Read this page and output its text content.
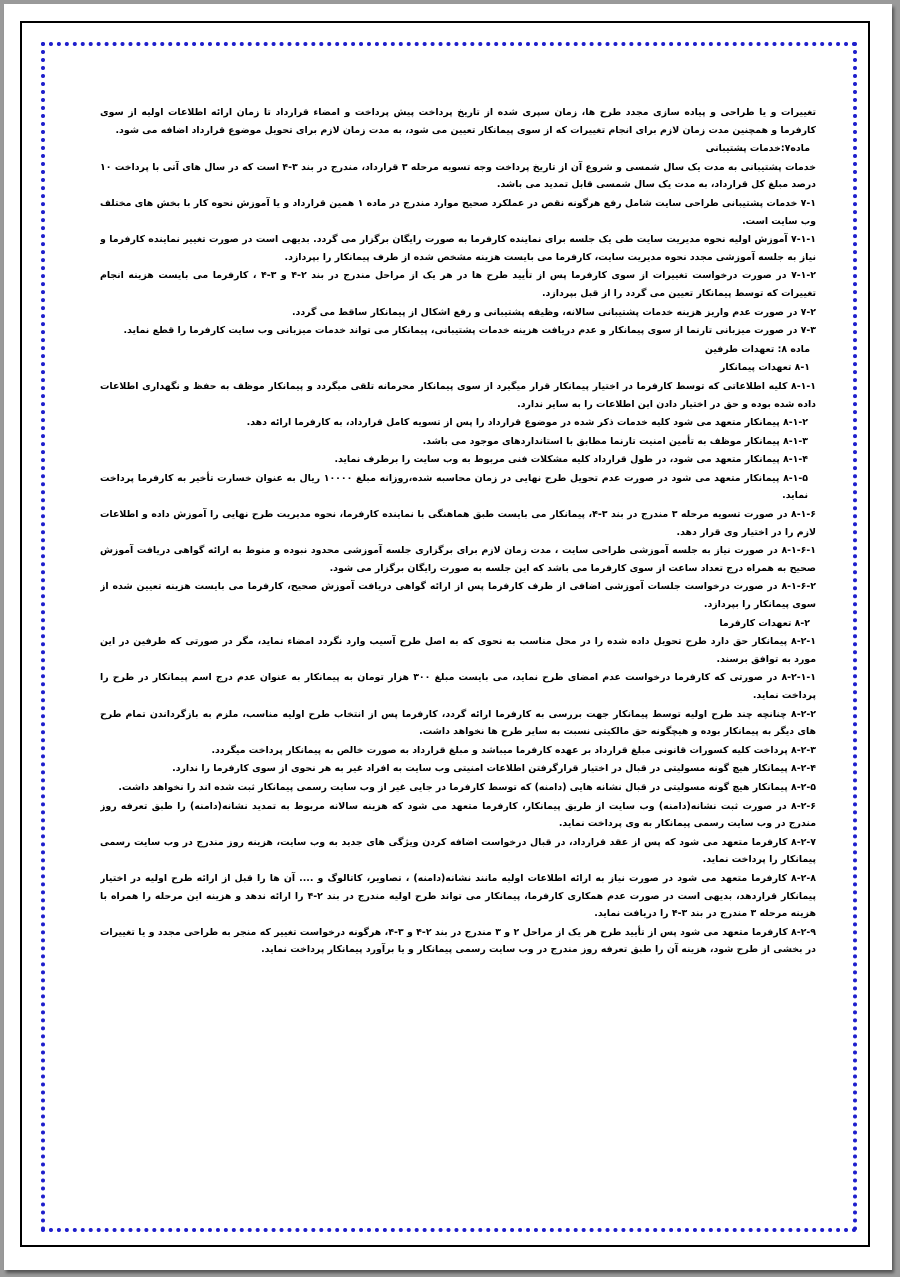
تغییرات و یا طراحی و پیاده سازی مجدد طرح ها، زمان سپری شده از تاریخ پرداخت پیش پرداخت و امضاء قرارداد تا زمان ارائه اطلاعات اولیه از سوی کارفرما و همچنین مدت زمان لازم برای انجام تغییرات که از سوی پیمانکار تعیین می شود، به مدت زمان لازم برای تحویل موضوع قرارداد اضافه می شود.

ماده۷:خدمات پشتیبانی

خدمات پشتیبانی به مدت یک سال شمسی و شروع آن از تاریخ پرداخت وجه تسویه مرحله ۳ قرارداد، مندرج در بند ۳-۴ است که در سال های آتی با پرداخت ۱۰ درصد مبلغ کل قرارداد، به مدت یک سال شمسی قابل تمدید می باشد.

۷-۱ خدمات پشتیبانی طراحی سایت شامل رفع هرگونه نقص در عملکرد صحیح موارد مندرج در ماده ۱ همین قرارداد و یا آموزش نحوه کار با بخش های مختلف وب سایت است.

۷-۱-۱ آموزش اولیه نحوه مدیریت سایت طی یک جلسه برای نماینده کارفرما به صورت رایگان برگزار می گردد. بدیهی است در صورت تغییر نماینده کارفرما و نیاز به جلسه آموزشی مجدد نحوه مدیریت سایت، کارفرما می بایست هزینه مشخص شده از طرف پیمانکار را بپردازد.

۷-۱-۲ در صورت درخواست تغییرات از سوی کارفرما پس از تأیید طرح ها در هر یک از مراحل مندرج در بند ۲-۴ و ۳-۴ ، کارفرما می بایست هزینه انجام تغییرات که توسط پیمانکار تعیین می گردد را از قبل بپردازد.

۷-۲ در صورت عدم واریز هزینه خدمات پشتیبانی سالانه، وظیفه پشتیبانی و رفع اشکال از پیمانکار ساقط می گردد.

۷-۳ در صورت میزبانی تارنما از سوی پیمانکار و عدم دریافت هزینه خدمات پشتیبانی، پیمانکار می تواند خدمات میزبانی وب سایت کارفرما را قطع نماید.

ماده ۸: تعهدات طرفین

۸-۱ تعهدات پیمانکار

۸-۱-۱ کلیه اطلاعاتی که توسط کارفرما در اختیار پیمانکار قرار میگیرد از سوی پیمانکار محرمانه تلقی میگردد و پیمانکار موظف به حفظ و نگهداری اطلاعات داده شده بوده و حق در اختیار دادن این اطلاعات را به سایر ندارد.

۸-۱-۲ پیمانکار متعهد می شود کلیه خدمات ذکر شده در موضوع قرارداد را پس از تسویه کامل قرارداد، به کارفرما ارائه دهد.

۸-۱-۳ پیمانکار موظف به تأمین امنیت تارنما مطابق با استانداردهای موجود می باشد.

۸-۱-۴ پیمانکار متعهد می شود، در طول قرارداد کلیه مشکلات فنی مربوط به وب سایت را برطرف نماید.

۸-۱-۵ پیمانکار متعهد می شود در صورت عدم تحویل طرح نهایی در زمان محاسبه شده،روزانه مبلغ ۱۰۰۰۰ ریال به عنوان خسارت تأخیر به کارفرما پرداخت نماید.

۸-۱-۶ در صورت تسویه مرحله ۳ مندرج در بند ۳-۴، پیمانکار می بایست طبق هماهنگی با نماینده کارفرما، نحوه مدیریت طرح نهایی را آموزش داده و اطلاعات لازم را در اختیار وی قرار دهد.

۸-۱-۶-۱ در صورت نیاز به جلسه آموزشی طراحی سایت ، مدت زمان لازم برای برگزاری جلسه آموزشی محدود نبوده و منوط به ارائه گواهی دریافت آموزش صحیح به همراه درج تعداد ساعت از سوی کارفرما می باشد که این جلسه به صورت رایگان برگزار می شود.

۸-۱-۶-۲ در صورت درخواست جلسات آموزشی اضافی از طرف کارفرما پس از ارائه گواهی دریافت آموزش صحیح، کارفرما می بایست هزینه تعیین شده از سوی پیمانکار را بپردازد.

۸-۲ تعهدات کارفرما

۸-۲-۱ پیمانکار حق دارد طرح تحویل داده شده را در محل مناسب به نحوی که به اصل طرح آسیب وارد نگردد امضاء نماید، مگر در صورتی که طرفین در این مورد به توافق برسند.

۸-۲-۱-۱ در صورتی که کارفرما درخواست عدم امضای طرح نماید، می بایست مبلغ ۳۰۰ هزار تومان به پیمانکار به عنوان عدم درج اسم پیمانکار در طرح را پرداخت نماید.

۸-۲-۲ چنانچه چند طرح اولیه توسط پیمانکار جهت بررسی به کارفرما ارائه گردد، کارفرما پس از انتخاب طرح اولیه مناسب، ملزم به بازگرداندن تمام طرح های دیگر به پیمانکار بوده و هیچگونه حق مالکیتی نسبت به سایر طرح ها نخواهد داشت.

۸-۲-۳ پرداخت کلیه کسورات قانونی مبلغ قرارداد بر عهده کارفرما میباشد و مبلغ قرارداد به صورت خالص به پیمانکار پرداخت میگردد.

۸-۲-۴ پیمانکار هیچ گونه مسولیتی در قبال در اختیار قرارگرفتن اطلاعات امنیتی وب سایت به افراد غیر به هر نحوی از سوی کارفرما را ندارد.

۸-۲-۵ پیمانکار هیچ گونه مسولیتی در قبال نشانه هایی (دامنه) که توسط کارفرما در جایی غیر از وب سایت رسمی پیمانکار ثبت شده اند را نخواهد داشت.

۸-۲-۶ در صورت ثبت نشانه(دامنه) وب سایت از طریق پیمانکار، کارفرما متعهد می شود که هزینه سالانه مربوط به تمدید نشانه(دامنه) را طبق تعرفه روز مندرج در وب سایت رسمی پیمانکار به وی پرداخت نماید.

۸-۲-۷ کارفرما متعهد می شود که پس از عقد قرارداد، در قبال درخواست اضافه کردن ویژگی های جدید به وب سایت، هزینه روز مندرج در وب سایت رسمی پیمانکار را پرداخت نماید.

۸-۲-۸ کارفرما متعهد می شود در صورت نیاز به ارائه اطلاعات اولیه مانند نشانه(دامنه) ، تصاویر، کاتالوگ و .... آن ها را قبل از ارائه طرح اولیه در اختیار پیمانکار قراردهد، بدیهی است در صورت عدم همکاری کارفرما، پیمانکار می تواند طرح اولیه مندرج در بند ۲-۴ را ارائه ندهد و هزینه این مرحله را همراه با هزینه مرحله ۳ مندرج در بند ۳-۴ را دریافت نماید.

۸-۲-۹ کارفرما متعهد می شود پس از تأیید طرح هر یک از مراحل ۲ و ۳ مندرج در بند ۲-۴ و ۳-۴، هرگونه درخواست تغییر که منجر به طراحی مجدد و یا تغییرات در بخشی از طرح شود، هزینه آن را طبق تعرفه روز مندرج در وب سایت رسمی پیمانکار و یا برآورد پیمانکار پرداخت نماید.
